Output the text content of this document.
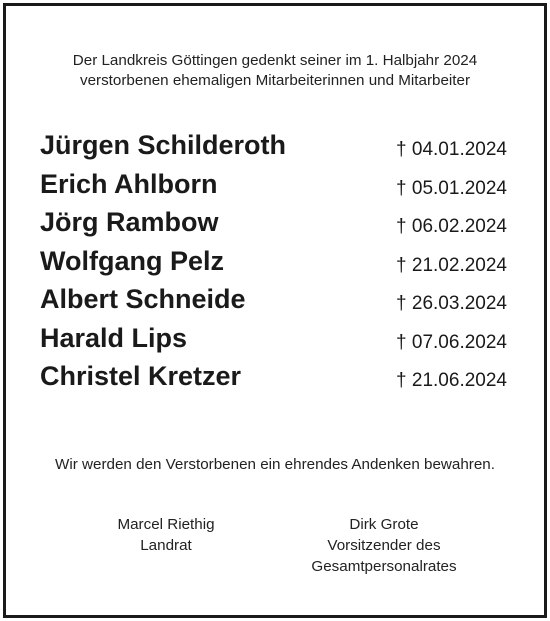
Der Landkreis Göttingen gedenkt seiner im 1. Halbjahr 2024
verstorbenen ehemaligen Mitarbeiterinnen und Mitarbeiter
Jürgen Schilderoth	† 04.01.2024
Erich Ahlborn	† 05.01.2024
Jörg Rambow	† 06.02.2024
Wolfgang Pelz	† 21.02.2024
Albert Schneide	† 26.03.2024
Harald Lips	† 07.06.2024
Christel Kretzer	† 21.06.2024
Wir werden den Verstorbenen ein ehrendes Andenken bewahren.
Marcel Riethig
Landrat
Dirk Grote
Vorsitzender des
Gesamtpersonalrates
